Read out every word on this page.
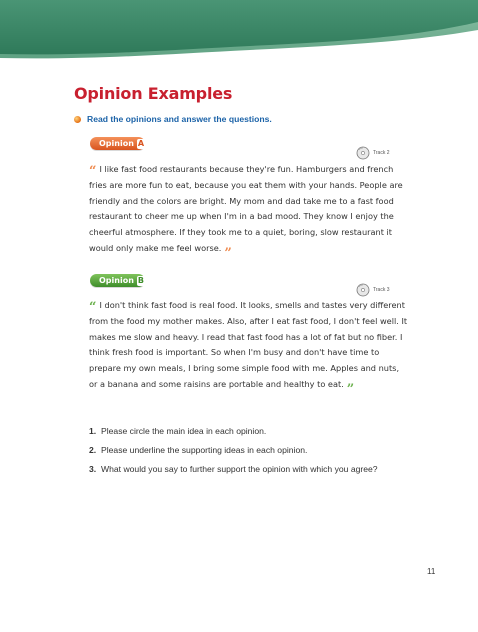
Opinion Examples
Read the opinions and answer the questions.
Opinion A
Track 2

“ I like fast food restaurants because they're fun. Hamburgers and french fries are more fun to eat, because you eat them with your hands. People are friendly and the colors are bright. My mom and dad take me to a fast food restaurant to cheer me up when I'm in a bad mood. They know I enjoy the cheerful atmosphere. If they took me to a quiet, boring, slow restaurant it would only make me feel worse. ”

Opinion B
Track 3

“ I don't think fast food is real food. It looks, smells and tastes very different from the food my mother makes. Also, after I eat fast food, I don't feel well. It makes me slow and heavy. I read that fast food has a lot of fat but no fiber. I think fresh food is important. So when I'm busy and don't have time to prepare my own meals, I bring some simple food with me. Apples and nuts, or a banana and some raisins are portable and healthy to eat. ”

1. Please circle the main idea in each opinion.
2. Please underline the supporting ideas in each opinion.
3. What would you say to further support the opinion with which you agree?
11
